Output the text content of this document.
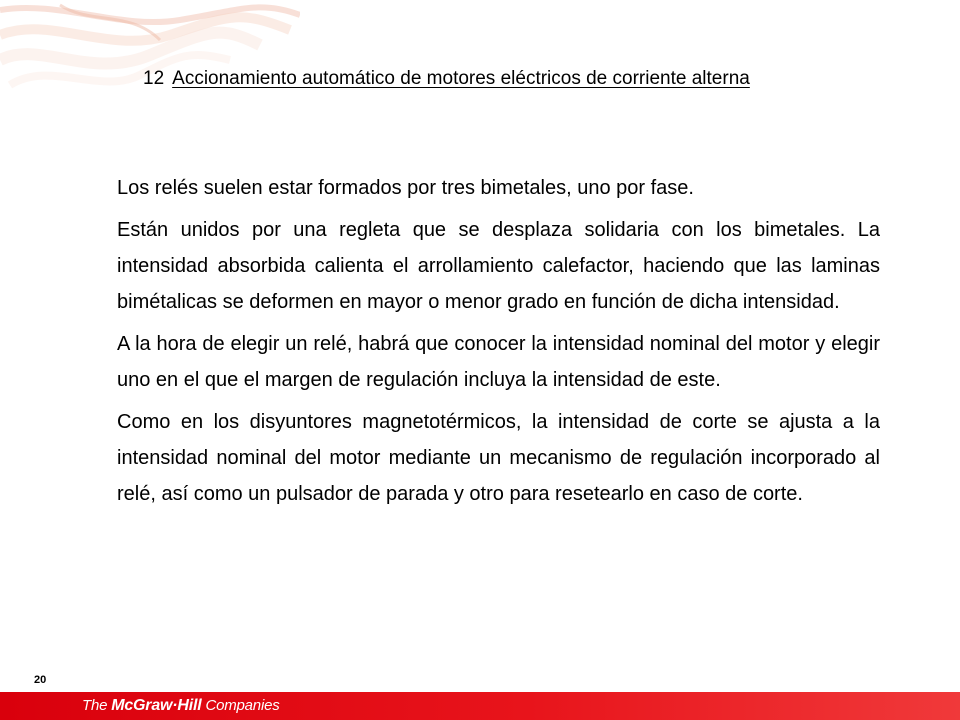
12 Accionamiento automático de motores eléctricos de corriente alterna

Los relés suelen estar formados por tres bimetales, uno por fase.

Están unidos por una regleta que se desplaza solidaria con los bimetales. La intensidad absorbida calienta el arrollamiento calefactor, haciendo que las laminas bimétalicas se deformen en mayor o menor grado en función de dicha intensidad.

A la hora de elegir un relé, habrá que conocer la intensidad nominal del motor y elegir uno en el que el margen de regulación incluya la intensidad de este.

Como en los disyuntores magnetotérmicos, la intensidad de corte se ajusta a la intensidad nominal del motor mediante un mecanismo de regulación incorporado al relé, así como un pulsador de parada y otro para resetearlo en caso de corte.

20
The McGraw·Hill Companies
